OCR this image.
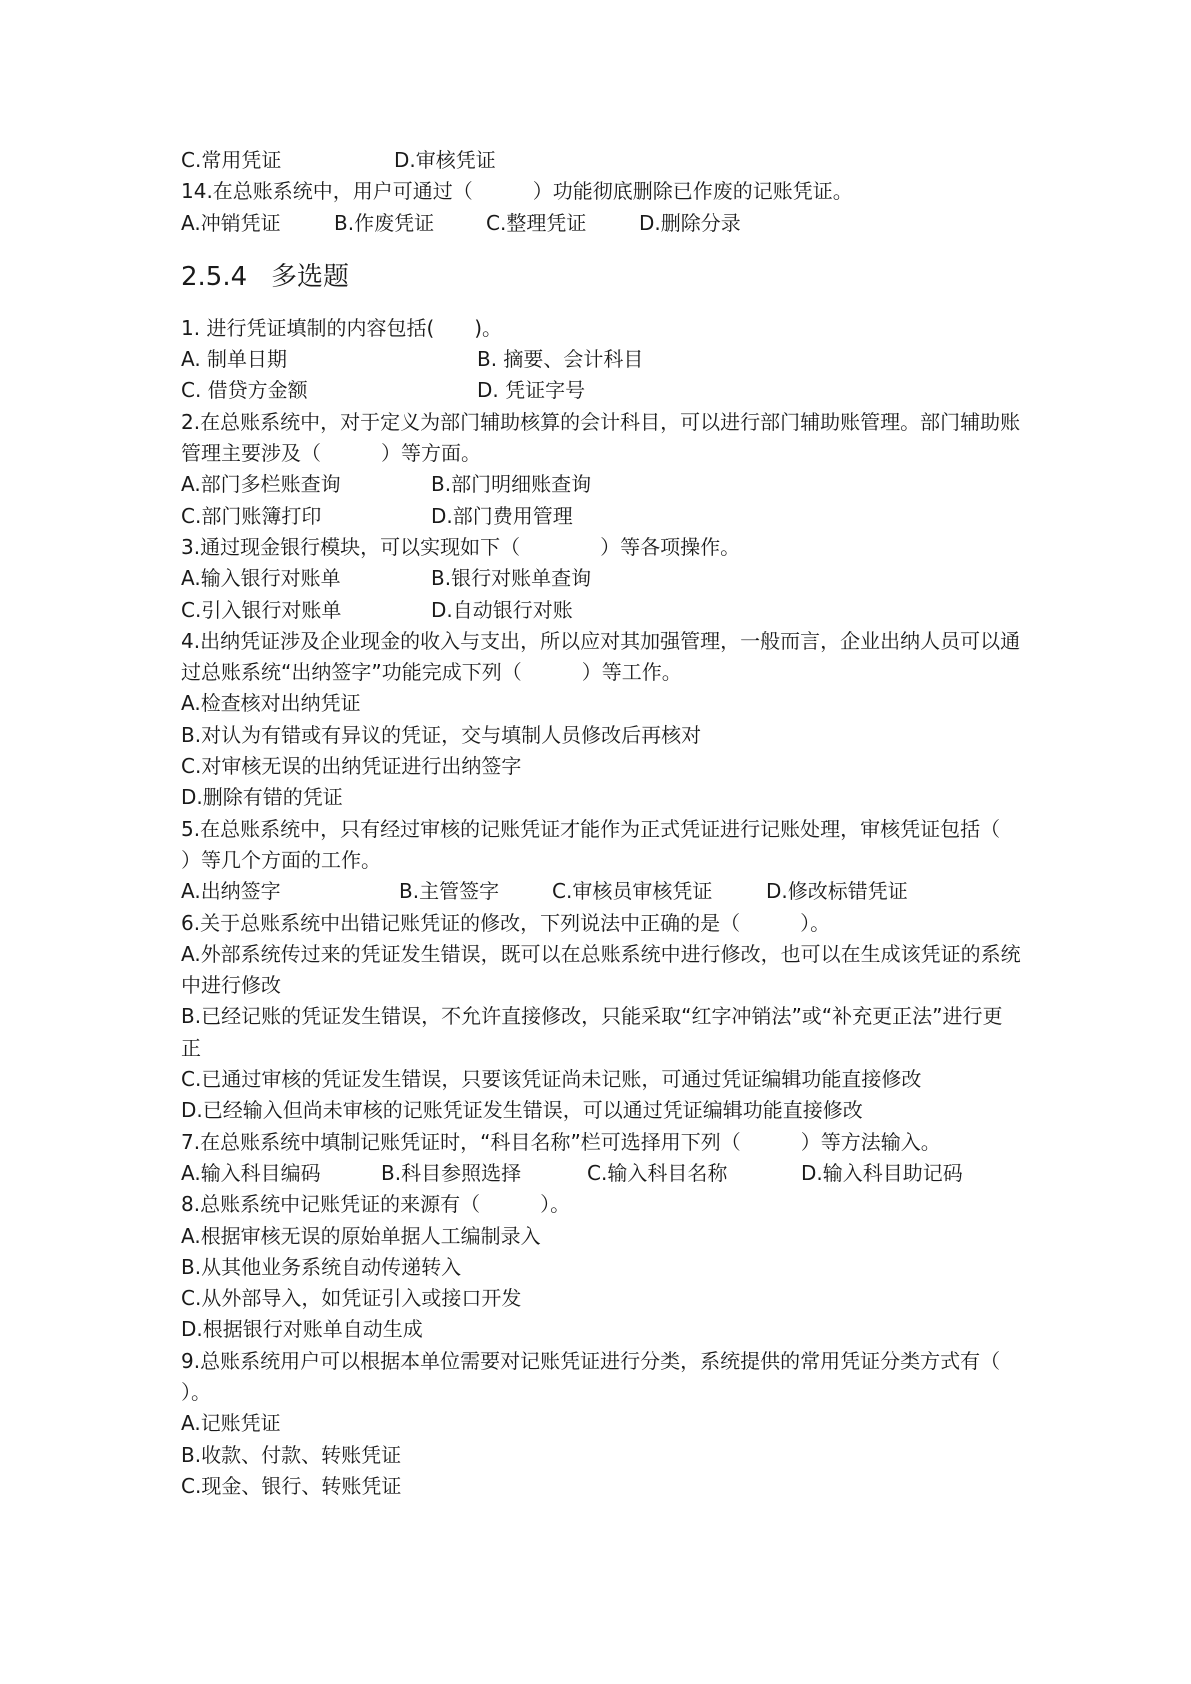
C.常用凭证	D.审核凭证
14.在总账系统中，用户可通过（　　　）功能彻底删除已作废的记账凭证。
A.冲销凭证	B.作废凭证	C.整理凭证	D.删除分录
2.5.4 多选题
1. 进行凭证填制的内容包括(　　)。
A. 制单日期	B. 摘要、会计科目
C. 借贷方金额	D. 凭证字号
2.在总账系统中，对于定义为部门辅助核算的会计科目，可以进行部门辅助账管理。部门辅助账管理主要涉及（　　　）等方面。
A.部门多栏账查询	B.部门明细账查询
C.部门账簿打印	D.部门费用管理
3.通过现金银行模块，可以实现如下（　　　　）等各项操作。
A.输入银行对账单	B.银行对账单查询
C.引入银行对账单	D.自动银行对账
4.出纳凭证涉及企业现金的收入与支出，所以应对其加强管理，一般而言，企业出纳人员可以通过总账系统“出纳签字”功能完成下列（　　　）等工作。
A.检查核对出纳凭证
B.对认为有错或有异议的凭证，交与填制人员修改后再核对
C.对审核无误的出纳凭证进行出纳签字
D.删除有错的凭证
5.在总账系统中，只有经过审核的记账凭证才能作为正式凭证进行记账处理，审核凭证包括（　　　）等几个方面的工作。
A.出纳签字	B.主管签字	C.审核员审核凭证	D.修改标错凭证
6.关于总账系统中出错记账凭证的修改，下列说法中正确的是（　　　）。
A.外部系统传过来的凭证发生错误，既可以在总账系统中进行修改，也可以在生成该凭证的系统中进行修改
B.已经记账的凭证发生错误，不允许直接修改，只能采取“红字冲销法”或“补充更正法”进行更正
C.已通过审核的凭证发生错误，只要该凭证尚未记账，可通过凭证编辑功能直接修改
D.已经输入但尚未审核的记账凭证发生错误，可以通过凭证编辑功能直接修改
7.在总账系统中填制记账凭证时，“科目名称”栏可选择用下列（　　　）等方法输入。
A.输入科目编码	B.科目参照选择	C.输入科目名称	D.输入科目助记码
8.总账系统中记账凭证的来源有（　　　）。
A.根据审核无误的原始单据人工编制录入
B.从其他业务系统自动传递转入
C.从外部导入，如凭证引入或接口开发
D.根据银行对账单自动生成
9.总账系统用户可以根据本单位需要对记账凭证进行分类，系统提供的常用凭证分类方式有（　　　）。
A.记账凭证
B.收款、付款、转账凭证
C.现金、银行、转账凭证
